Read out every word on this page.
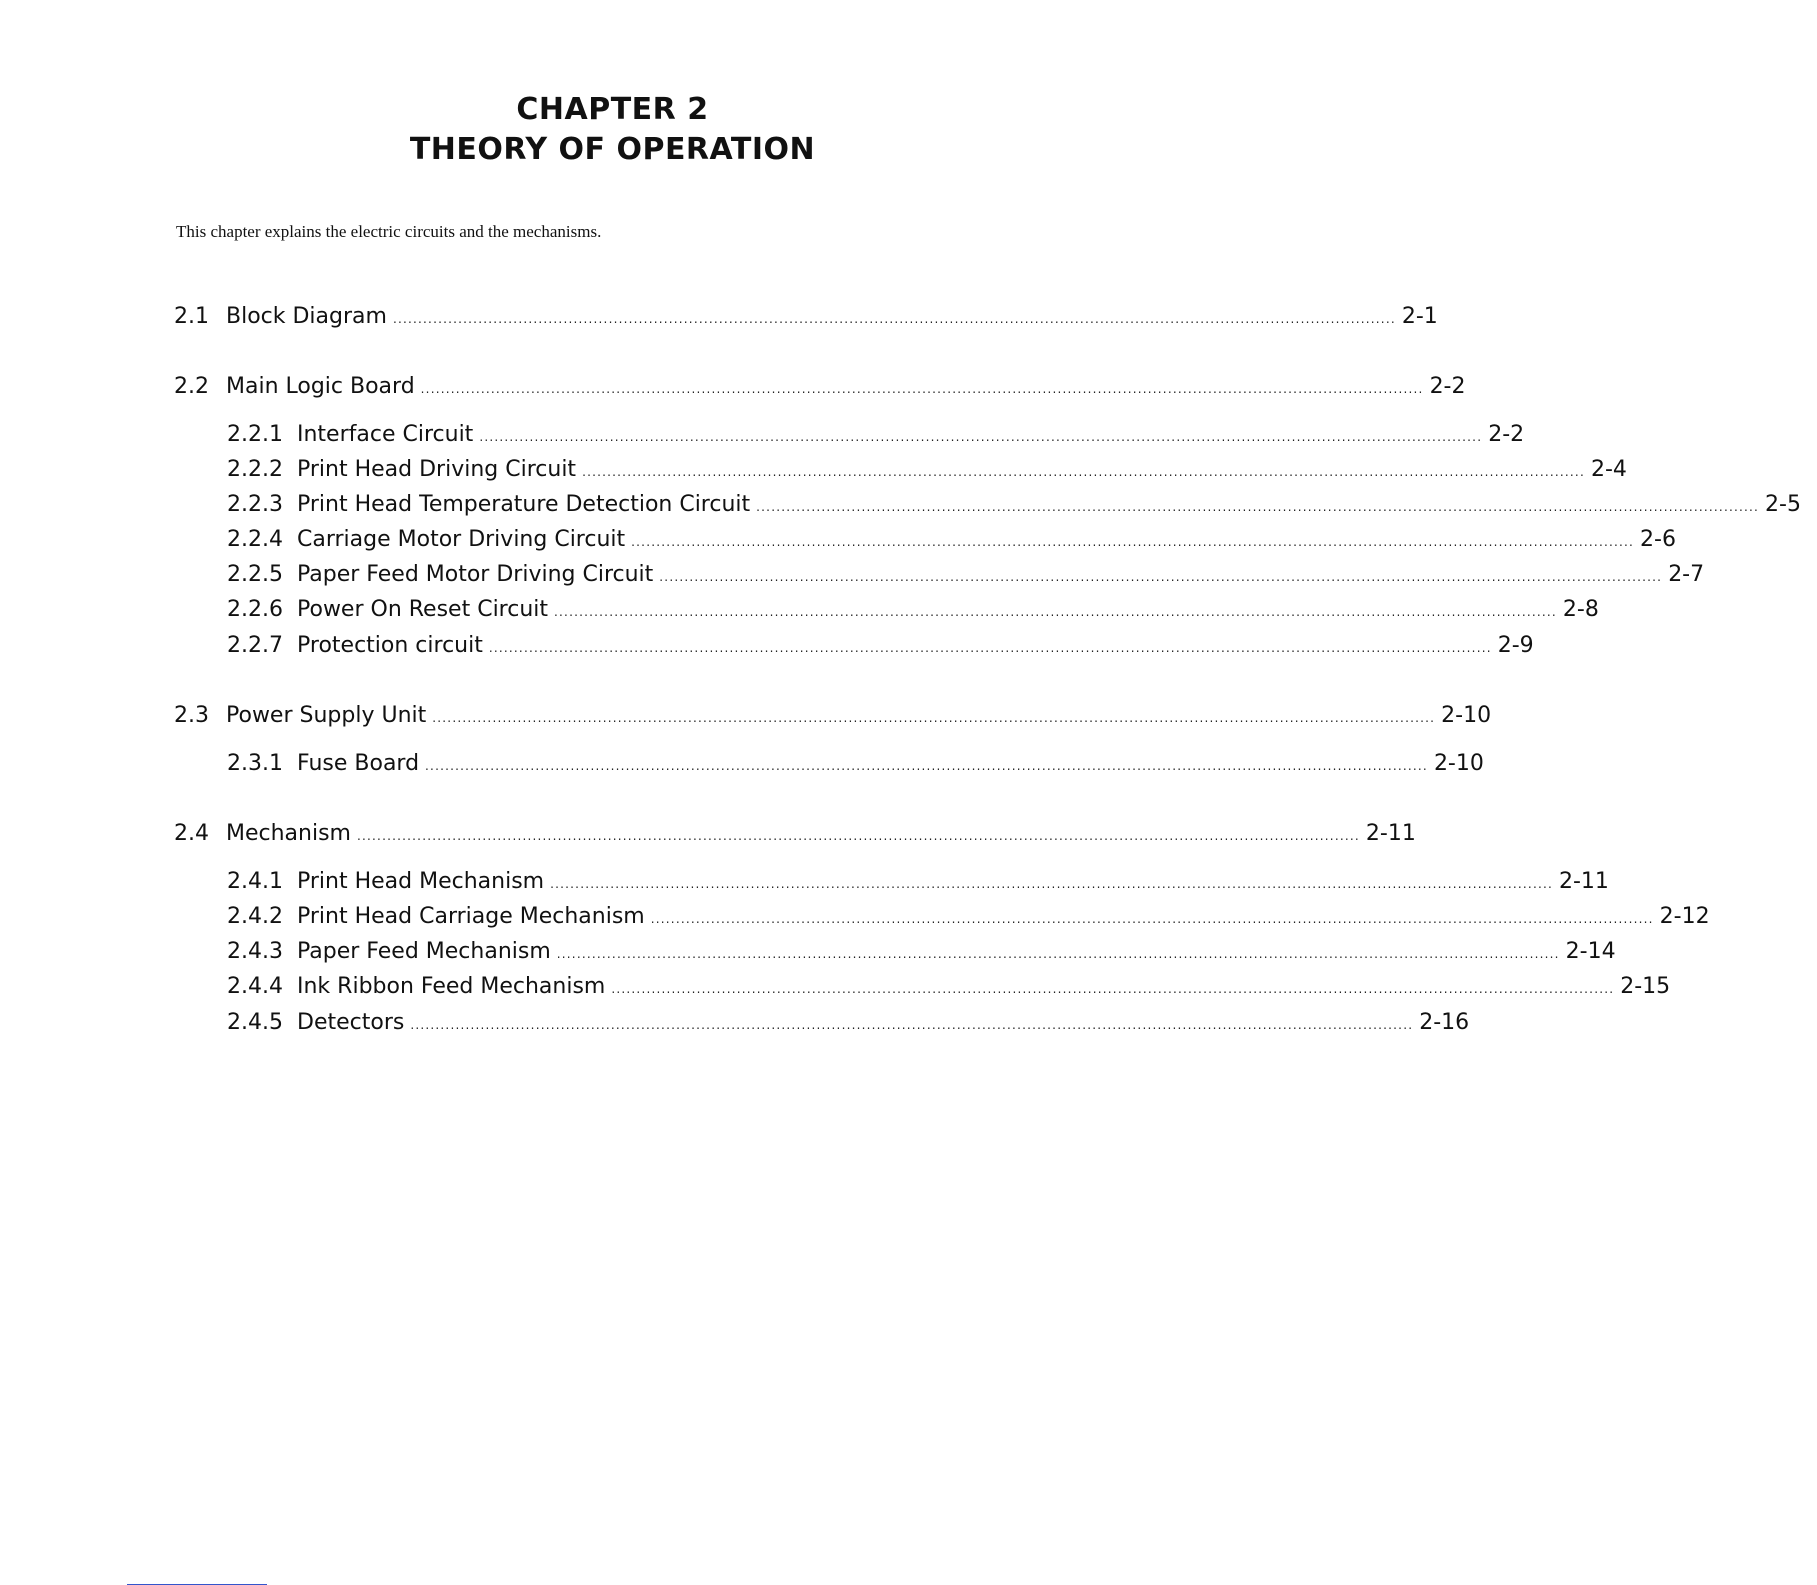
CHAPTER 2
THEORY OF OPERATION

This chapter explains the electric circuits and the mechanisms.

2.1 Block Diagram ........................................................................................................................................................................................................ 2-1
2.2 Main Logic Board ........................................................................................................................................................................................................ 2-2
2.2.1 Interface Circuit ........................................................................................................................................................................................................ 2-2
2.2.2 Print Head Driving Circuit ........................................................................................................................................................................................................ 2-4
2.2.3 Print Head Temperature Detection Circuit ........................................................................................................................................................................................................ 2-5
2.2.4 Carriage Motor Driving Circuit ........................................................................................................................................................................................................ 2-6
2.2.5 Paper Feed Motor Driving Circuit ........................................................................................................................................................................................................ 2-7
2.2.6 Power On Reset Circuit ........................................................................................................................................................................................................ 2-8
2.2.7 Protection circuit ........................................................................................................................................................................................................ 2-9
2.3 Power Supply Unit ........................................................................................................................................................................................................ 2-10
2.3.1 Fuse Board ........................................................................................................................................................................................................ 2-10
2.4 Mechanism ........................................................................................................................................................................................................ 2-11
2.4.1 Print Head Mechanism ........................................................................................................................................................................................................ 2-11
2.4.2 Print Head Carriage Mechanism ........................................................................................................................................................................................................ 2-12
2.4.3 Paper Feed Mechanism ........................................................................................................................................................................................................ 2-14
2.4.4 Ink Ribbon Feed Mechanism ........................................................................................................................................................................................................ 2-15
2.4.5 Detectors ........................................................................................................................................................................................................ 2-16
